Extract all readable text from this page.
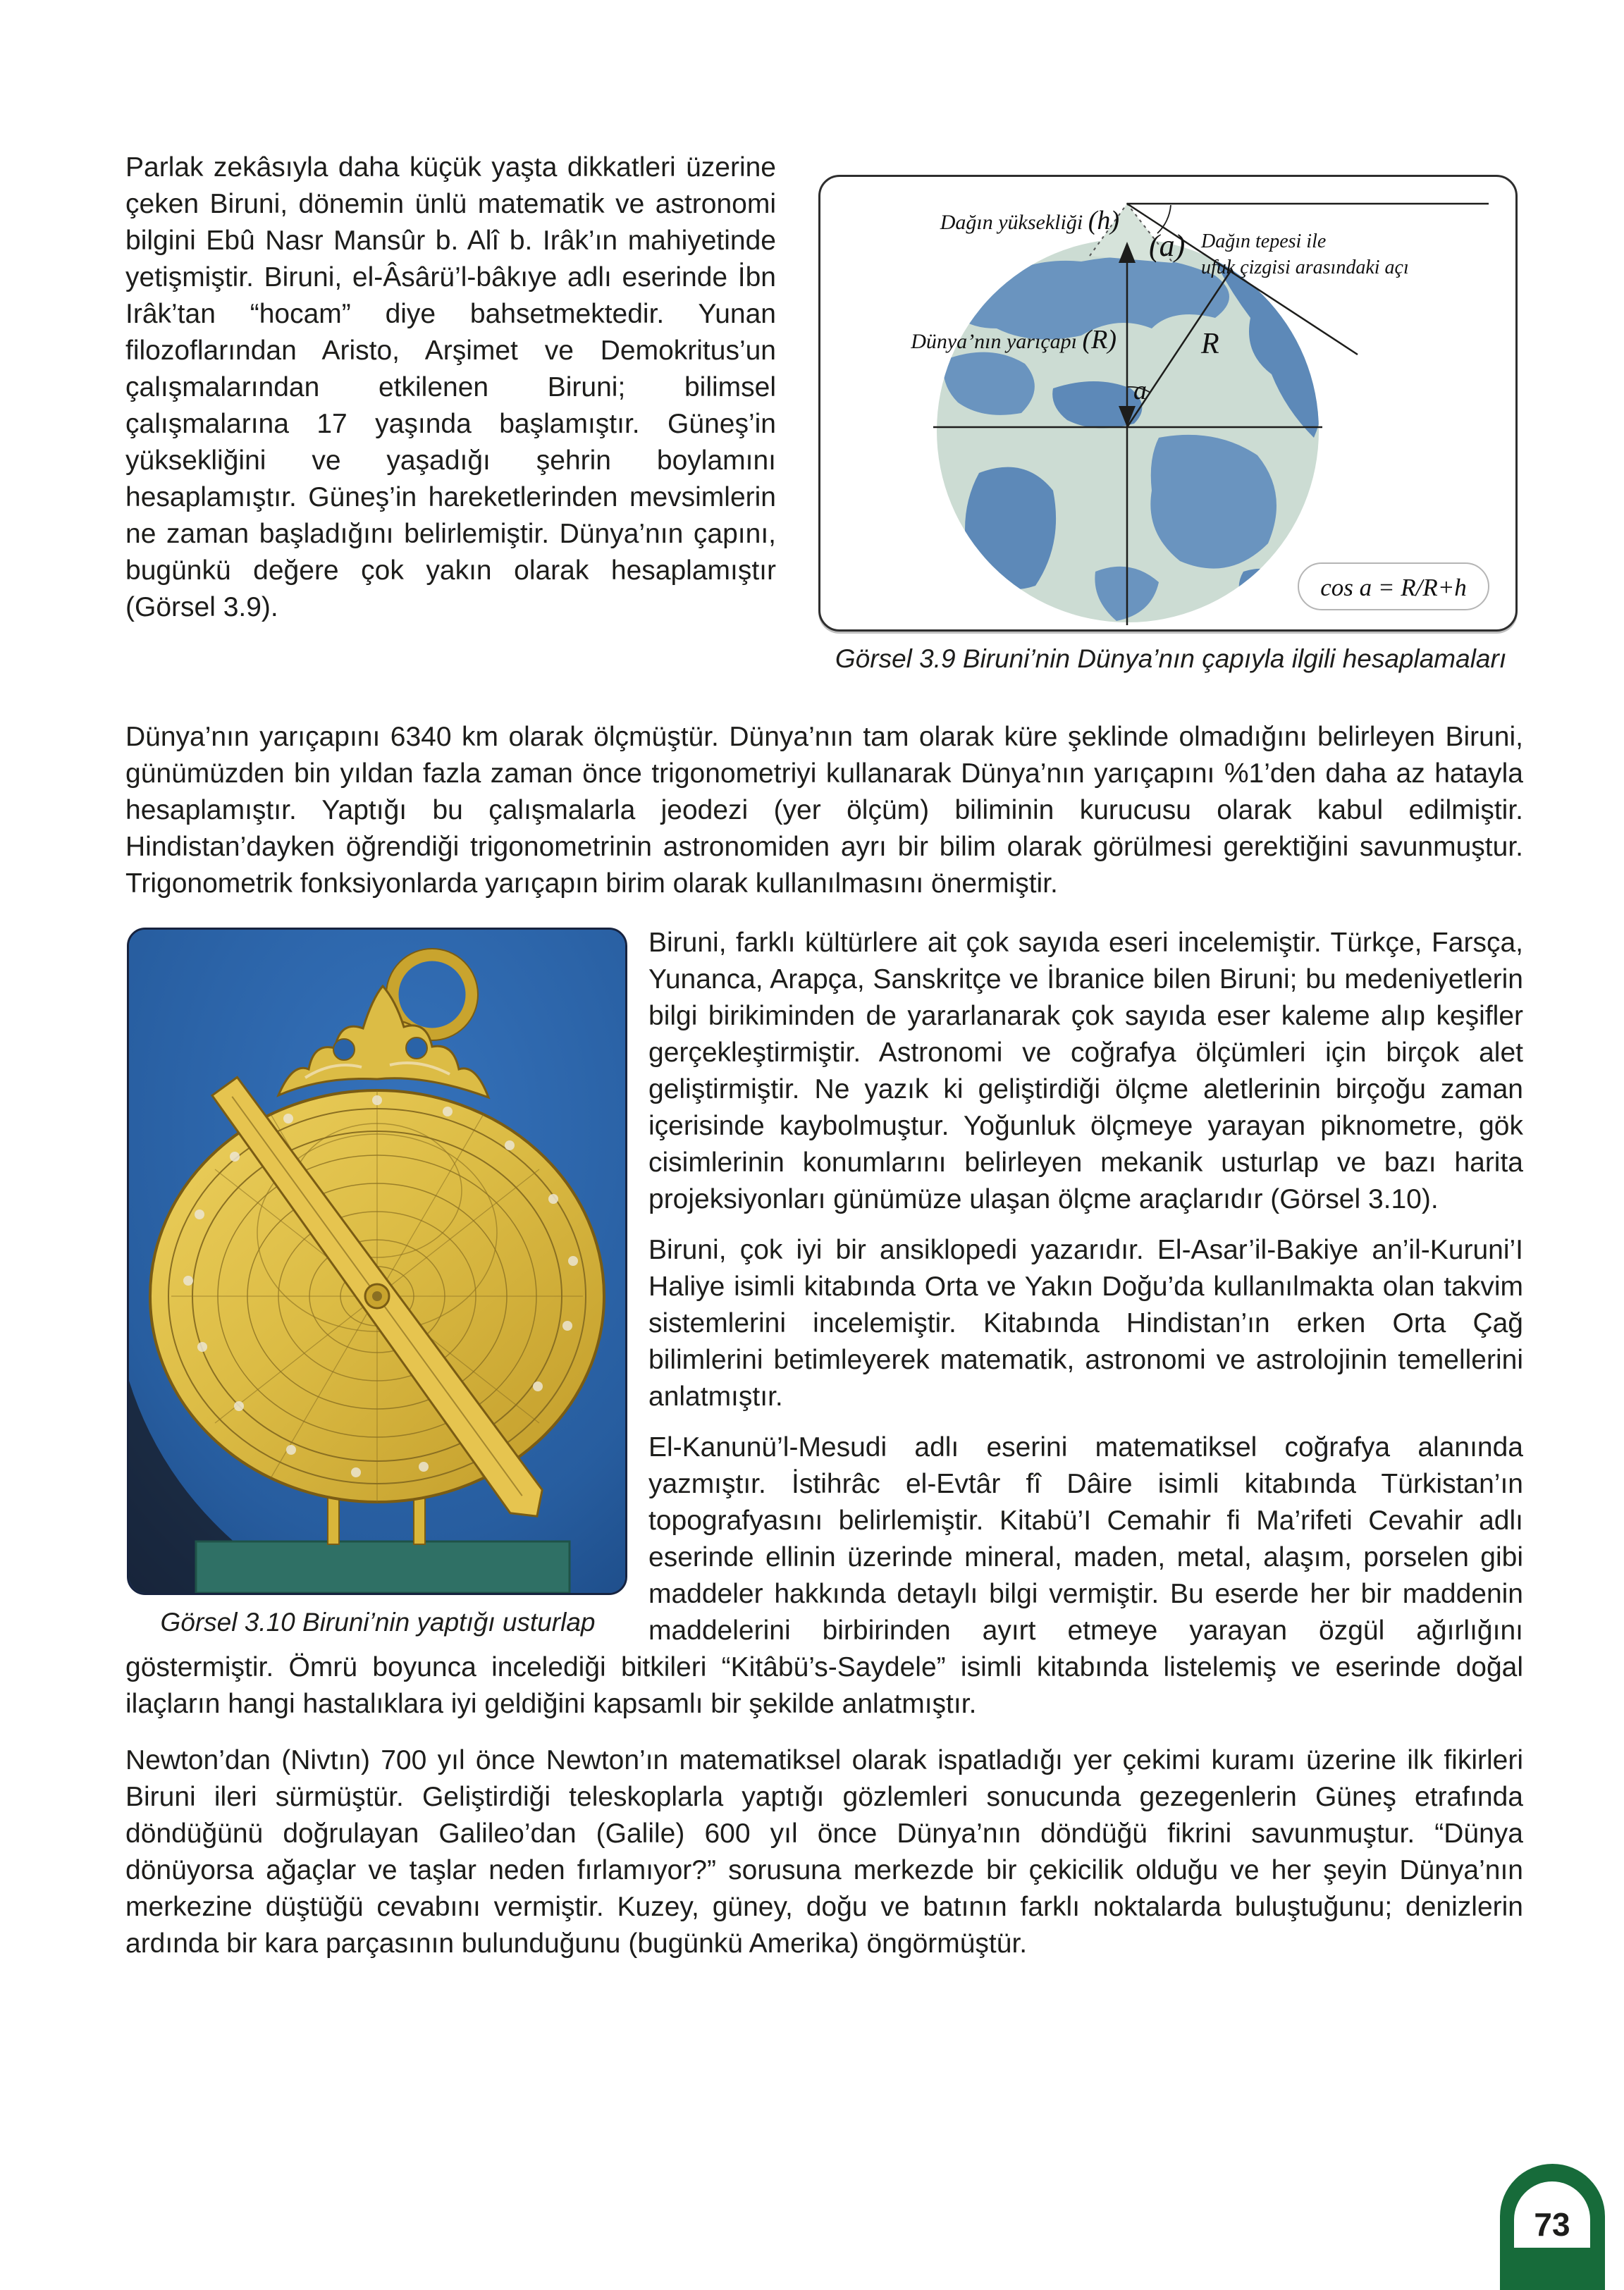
Dağın yüksekliği (h)
(a) Dağın tepesi ile
ufuk çizgisi arasındaki açı
Dünya’nın yarıçapı (R)	R
a
cos a = R/R+h
Görsel 3.9 Biruni’nin Dünya’nın çapıyla ilgili hesaplamaları

Parlak zekâsıyla daha küçük yaşta dikkatleri üzerine çeken Biruni, dönemin ünlü matematik ve astronomi bilgini Ebû Nasr Mansûr b. Alî b. Irâk’ın mahiyetinde yetişmiştir. Biruni, el-Âsârü’l-bâkıye adlı eserinde İbn Irâk’tan “hocam” diye bahsetmektedir. Yunan filozoflarından Aristo, Arşimet ve Demokritus’un çalışmalarından etkilenen Biruni; bilimsel çalışmalarına 17 yaşında başlamıştır. Güneş’in yüksekliğini ve yaşadığı şehrin boylamını hesaplamıştır. Güneş’in hareketlerinden mevsimlerin ne zaman başladığını belirlemiştir. Dünya’nın çapını, bugünkü değere çok yakın olarak hesaplamıştır (Görsel 3.9).

Dünya’nın yarıçapını 6340 km olarak ölçmüştür. Dünya’nın tam olarak küre şeklinde olmadığını belirleyen Biruni, günümüzden bin yıldan fazla zaman önce trigonometriyi kullanarak Dünya’nın yarıçapını %1’den daha az hatayla hesaplamıştır. Yaptığı bu çalışmalarla jeodezi (yer ölçüm) biliminin kurucusu olarak kabul edilmiştir. Hindistan’dayken öğrendiği trigonometrinin astronomiden ayrı bir bilim olarak görülmesi gerektiğini savunmuştur. Trigonometrik fonksiyonlarda yarıçapın birim olarak kullanılmasını önermiştir.

Görsel 3.10 Biruni’nin yaptığı usturlap

Biruni, farklı kültürlere ait çok sayıda eseri incelemiştir. Türkçe, Farsça, Yunanca, Arapça, Sanskritçe ve İbranice bilen Biruni; bu medeniyetlerin bilgi birikiminden de yararlanarak çok sayıda eser kaleme alıp keşifler gerçekleştirmiştir. Astronomi ve coğrafya ölçümleri için birçok alet geliştirmiştir. Ne yazık ki geliştirdiği ölçme aletlerinin birçoğu zaman içerisinde kaybolmuştur. Yoğunluk ölçmeye yarayan piknometre, gök cisimlerinin konumlarını belirleyen mekanik usturlap ve bazı harita projeksiyonları günümüze ulaşan ölçme araçlarıdır (Görsel 3.10).

Biruni, çok iyi bir ansiklopedi yazarıdır. El-Asar’il-Bakiye an’il-Kuruni’I Haliye isimli kitabında Orta ve Yakın Doğu’da kullanılmakta olan takvim sistemlerini incelemiştir. Kitabında Hindistan’ın erken Orta Çağ bilimlerini betimleyerek matematik, astronomi ve astrolojinin temellerini anlatmıştır.

El-Kanunü’l-Mesudi adlı eserini matematiksel coğrafya alanında yazmıştır. İstihrâc el-Evtâr fî Dâire isimli kitabında Türkistan’ın topografyasını belirlemiştir. Kitabü’I Cemahir fi Ma’rifeti Cevahir adlı eserinde ellinin üzerinde mineral, maden, metal, alaşım, porselen gibi maddeler hakkında detaylı bilgi vermiştir. Bu eserde her bir maddenin maddelerini birbirinden ayırt etmeye yarayan özgül ağırlığını göstermiştir. Ömrü boyunca incelediği bitkileri “Kitâbü’s-Saydele” isimli kitabında listelemiş ve eserinde doğal ilaçların hangi hastalıklara iyi geldiğini kapsamlı bir şekilde anlatmıştır.

Newton’dan (Nivtın) 700 yıl önce Newton’ın matematiksel olarak ispatladığı yer çekimi kuramı üzerine ilk fikirleri Biruni ileri sürmüştür. Geliştirdiği teleskoplarla yaptığı gözlemleri sonucunda gezegenlerin Güneş etrafında döndüğünü doğrulayan Galileo’dan (Galile) 600 yıl önce Dünya’nın döndüğü fikrini savunmuştur. “Dünya dönüyorsa ağaçlar ve taşlar neden fırlamıyor?” sorusuna merkezde bir çekicilik olduğu ve her şeyin Dünya’nın merkezine düştüğü cevabını vermiştir. Kuzey, güney, doğu ve batının farklı noktalarda buluştuğunu; denizlerin ardında bir kara parçasının bulunduğunu (bugünkü Amerika) öngörmüştür.

73
